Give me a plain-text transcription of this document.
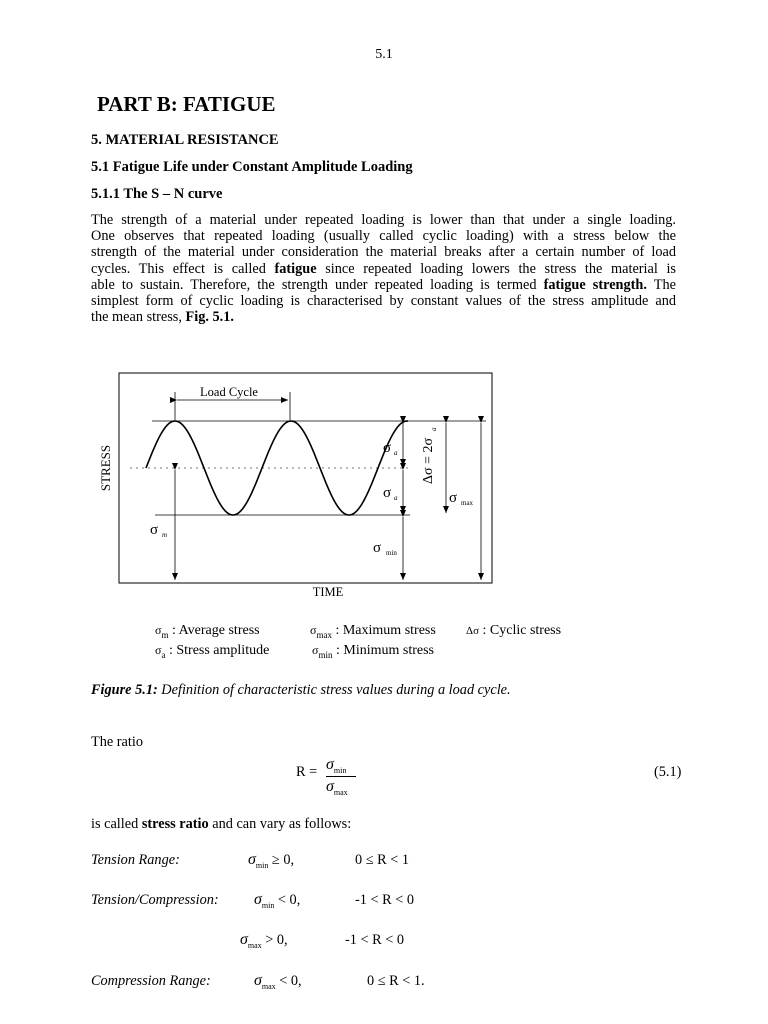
5.1
PART B: FATIGUE
5. MATERIAL RESISTANCE
5.1 Fatigue Life under Constant Amplitude Loading
5.1.1 The S – N curve
The strength of a material under repeated loading is lower than that under a single loading.
One observes that repeated loading (usually called cyclic loading) with a stress below the
strength of the material under consideration the material breaks after a certain number of load
cycles. This effect is called fatigue since repeated loading lowers the stress the material is
able to sustain. Therefore, the strength under repeated loading is termed fatigue strength. The
simplest form of cyclic loading is characterised by constant values of the stress amplitude and
the mean stress, Fig. 5.1.
Load Cycle
STRESS
TIME
σ m
σ a
σ a
σ min
σ max
Δσ = 2σ
a
$\sigma_m$ : Average stress	$\sigma_{max}$ : Maximum stress	Δσ : Cyclic stress
$\sigma_a$ : Stress amplitude	$\sigma_{min}$ : Minimum stress
Figure 5.1: Definition of characteristic stress values during a load cycle.
The ratio
$R = \sigma_{min}$
$\sigma_{max}$
(5.1)
is called stress ratio and can vary as follows:
Tension Range:	$\sigma_{min} \ge 0$,	0 ≤ R < 1
Tension/Compression: $\sigma_{min} < 0$,	-1 < R < 0
$\sigma_{max} > 0$,	-1 < R < 0
Compression Range:	$\sigma_{max} < 0$,	0 ≤ R < 1.
